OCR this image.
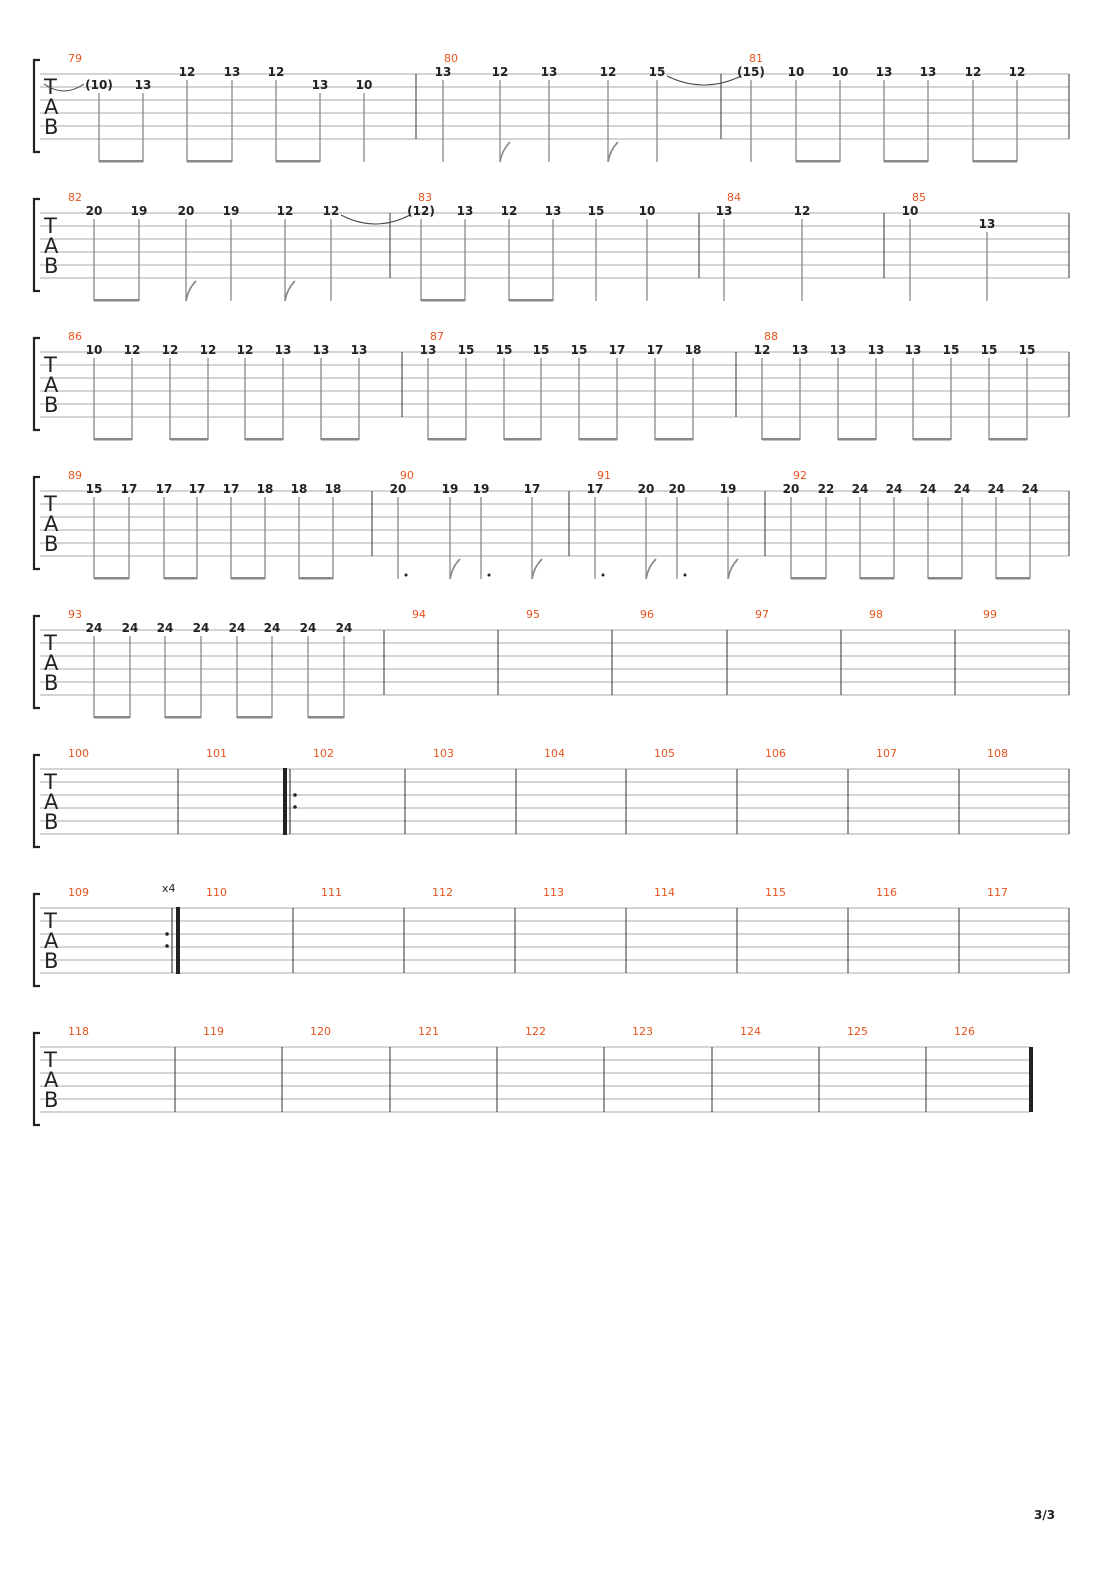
T
A
B
79
(10) 13
12 13 12
13 10
80
13	12	13	12	15
81
(15) 10 10 13 13 12 12
T
A
B
82
20 19	20 19	12 12
83
(12) 13 12 13 15	10
84
13	12
85
10
13
T
A
B
86
10 12 12 12 12 13 13 13
87
13 15 15 15 15 17 17 18
88
12 13 13 13 13 15 15 15
T
A
B
89
15 17 17 17 17 18 18 18
90
20	19 19	17
91
17	20 20	19
92
20 22 24 24 24 24 24 24
T
A
B
93
24 24 24 24 24 24 24 24
94	95	96	97	98	99
T
A
B
100	101	102	103	104	105	106	107	108
T
A
B
109	x4	110	111	112	113	114	115	116	117
T
A
B
118	119	120	121	122	123	124	125	126
3/3
